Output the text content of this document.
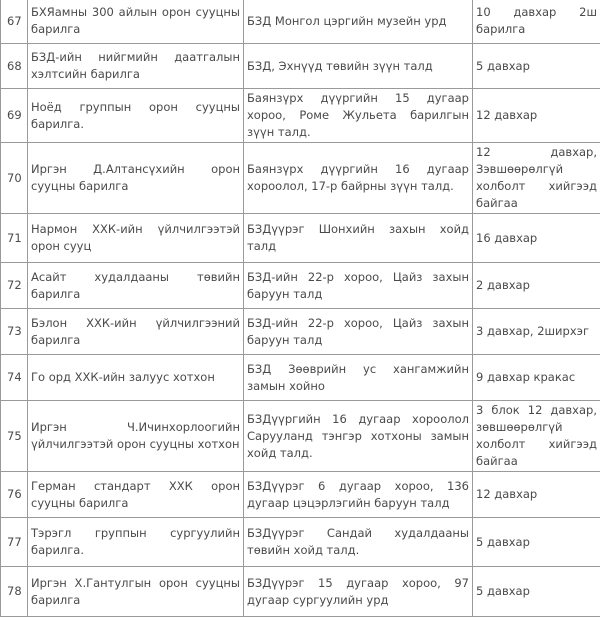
67	БХЯамны 300 айлын орон сууцны барилга	БЗД Монгол цэргийн музейн урд	10 давхар 2ш барилга
68	БЗД-ийн нийгмийн даатгалын хэлтсийн барилга	БЗД, Эхнүүд төвийн зүүн талд	5 давхар
69	Ноёд группын орон сууцны барилга.	Баянзүрх дүүргийн 15 дугаар хороо, Роме Жульета барилгын зүүн талд.	12 давхар
70	Иргэн Д.Алтансүхийн орон сууцны барилга	Баянзүрх дүүргийн 16 дугаар хороолол, 17-р байрны зүүн талд.	12 давхар, Зэвшөөрөлгүй холболт хийгээд байгаа
71	Нармон ХХК-ийн үйлчилгээтэй орон сууц	БЗДүүрэг Шонхийн захын хойд талд	16 давхар
72	Асайт худалдааны төвийн барилга	БЗД-ийн 22-р хороо, Цайз захын баруун талд	2 давхар
73	Бэлон ХХК-ийн үйлчилгээний барилга	БЗД-ийн 22-р хороо, Цайз захын баруун талд	3 давхар, 2ширхэг
74	Го орд ХХК-ийн залуус хотхон	БЗД Зөөврийн ус хангамжийн замын хойно	9 давхар кракас
75	Иргэн Ч.Ичинхорлоогийн үйлчилгээтэй орон сууцны хотхон	БЗДүүргийн 16 дугаар хороолол Сарууланд тэнгэр хотхоны замын хойд талд.	3 блок 12 давхар, зөвшөөрөлгүй холболт хийгээд байгаа
76	Герман стандарт ХХК орон сууцны барилга	БЗДүүрэг 6 дугаар хороо, 136 дугаар цэцэрлэгийн баруун талд	12 давхар
77	Тэрэгл группын сургуулийн барилга.	БЗДүүрэг Сандай худалдааны төвийн хойд талд.	5 давхар
78	Иргэн Х.Гантулгын орон сууцны барилга	БЗДүүрэг 15 дугаар хороо, 97 дугаар сургуулийн урд	5 давхар
